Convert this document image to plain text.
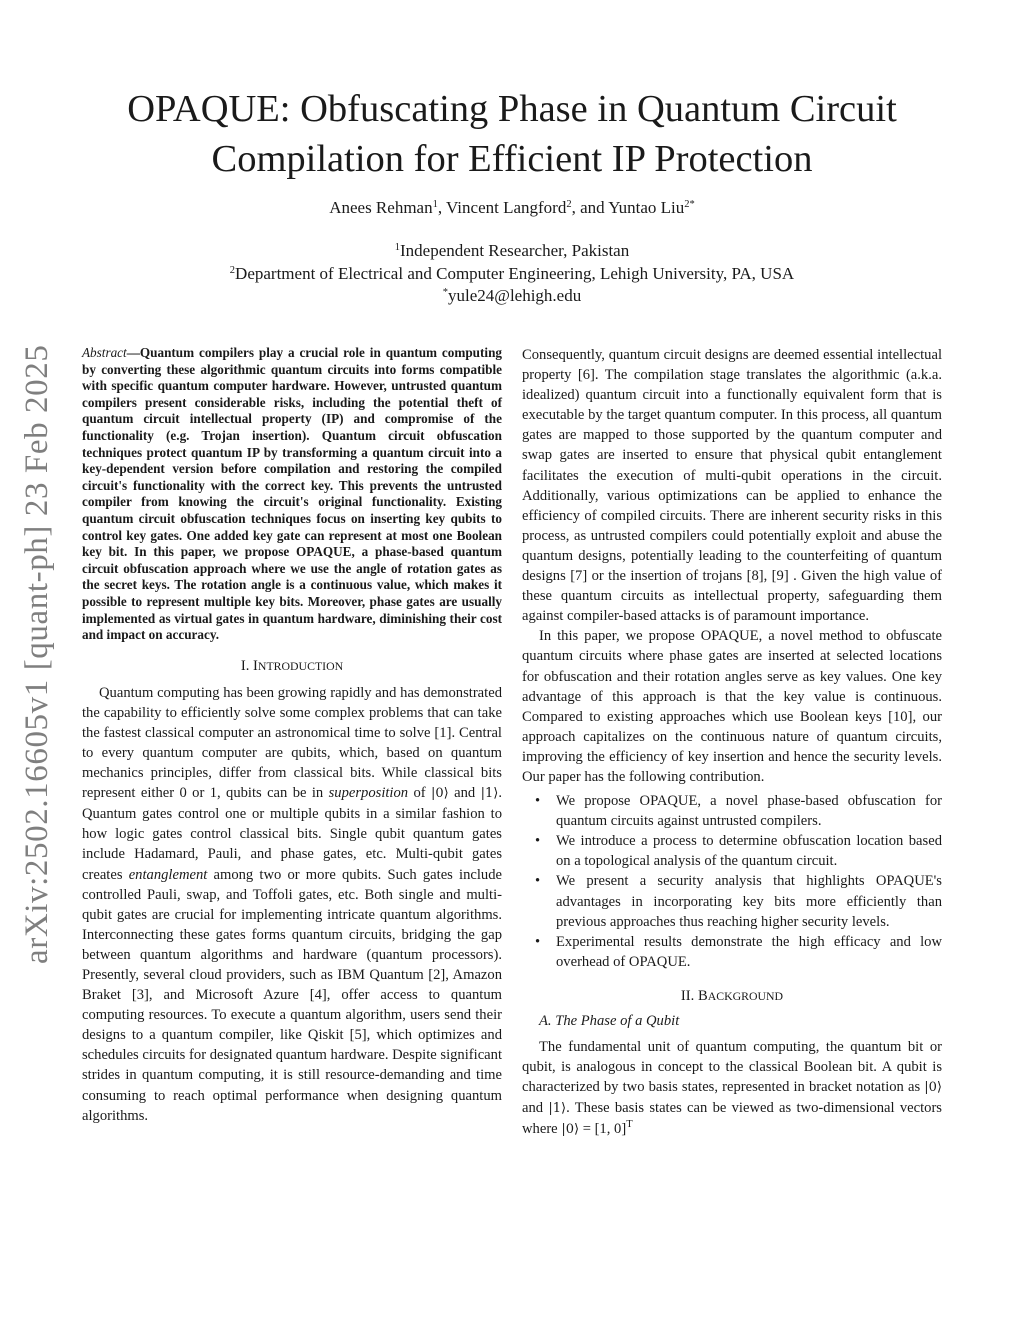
OPAQUE: Obfuscating Phase in Quantum Circuit
Compilation for Efficient IP Protection
Anees Rehman$^1$, Vincent Langford$^2$, and Yuntao Liu$^{2*}$
$^1$Independent Researcher, Pakistan
$^2$Department of Electrical and Computer Engineering, Lehigh University, PA, USA
*yule24@lehigh.edu
arXiv:2502.16605v1 [quant-ph] 23 Feb 2025	Abstract—Quantum compilers play a crucial role in quantum computing by converting these algorithmic quantum circuits into forms compatible with specific quantum computer hardware. However, untrusted quantum compilers present considerable risks, including the potential theft of quantum circuit intellectual property (IP) and compromise of the functionality (e.g. Trojan insertion). Quantum circuit obfuscation techniques protect quantum IP by transforming a quantum circuit into a key-dependent version before compilation and restoring the compiled circuit's functionality with the correct key. This prevents the untrusted compiler from knowing the circuit's original functionality. Existing quantum circuit obfuscation techniques focus on inserting key qubits to control key gates. One added key gate can represent at most one Boolean key bit. In this paper, we propose OPAQUE, a phase-based quantum circuit obfuscation approach where we use the angle of rotation gates as the secret keys. The rotation angle is a continuous value, which makes it possible to represent multiple key bits. Moreover, phase gates are usually implemented as virtual gates in quantum hardware, diminishing their cost and impact on accuracy.

I. INTRODUCTION

Quantum computing has been growing rapidly and has demonstrated the capability to efficiently solve some complex problems that can take the fastest classical computer an astronomical time to solve [1]. Central to every quantum computer are qubits, which, based on quantum mechanics principles, differ from classical bits. While classical bits represent either 0 or 1, qubits can be in superposition of |0⟩ and |1⟩. Quantum gates control one or multiple qubits in a similar fashion to how logic gates control classical bits. Single qubit quantum gates include Hadamard, Pauli, and phase gates, etc. Multi-qubit gates creates entanglement among two or more qubits. Such gates include controlled Pauli, swap, and Toffoli gates, etc. Both single and multi-qubit gates are crucial for implementing intricate quantum algorithms. Interconnecting these gates forms quantum circuits, bridging the gap between quantum algorithms and hardware (quantum processors). Presently, several cloud providers, such as IBM Quantum [2], Amazon Braket [3], and Microsoft Azure [4], offer access to quantum computing resources. To execute a quantum algorithm, users send their designs to a quantum compiler, like Qiskit [5], which optimizes and schedules circuits for designated quantum hardware. Despite significant strides in quantum computing, it is still resource-demanding and time consuming to reach optimal performance when designing quantum algorithms.

Consequently, quantum circuit designs are deemed essential intellectual property [6]. The compilation stage translates the algorithmic (a.k.a. idealized) quantum circuit into a functionally equivalent form that is executable by the target quantum computer. In this process, all quantum gates are mapped to those supported by the quantum computer and swap gates are inserted to ensure that physical qubit entanglement facilitates the execution of multi-qubit operations in the circuit. Additionally, various optimizations can be applied to enhance the efficiency of compiled circuits. There are inherent security risks in this process, as untrusted compilers could potentially exploit and abuse the quantum designs, potentially leading to the counterfeiting of quantum designs [7] or the insertion of trojans [8], [9] . Given the high value of these quantum circuits as intellectual property, safeguarding them against compiler-based attacks is of paramount importance.

In this paper, we propose OPAQUE, a novel method to obfuscate quantum circuits where phase gates are inserted at selected locations for obfuscation and their rotation angles serve as key values. One key advantage of this approach is that the key value is continuous. Compared to existing approaches which use Boolean keys [10], our approach capitalizes on the continuous nature of quantum circuits, improving the efficiency of key insertion and hence the security levels. Our paper has the following contribution.

• We propose OPAQUE, a novel phase-based obfuscation for quantum circuits against untrusted compilers.
• We introduce a process to determine obfuscation location based on a topological analysis of the quantum circuit.
• We present a security analysis that highlights OPAQUE's advantages in incorporating key bits more efficiently than previous approaches thus reaching higher security levels.
• Experimental results demonstrate the high efficacy and low overhead of OPAQUE.
II. BACKGROUND

A. The Phase of a Qubit

The fundamental unit of quantum computing, the quantum bit or qubit, is analogous in concept to the classical Boolean bit. A qubit is characterized by two basis states, represented in bracket notation as |0⟩ and |1⟩. These basis states can be viewed as two-dimensional vectors where |0⟩ = [1, 0]$^T$
